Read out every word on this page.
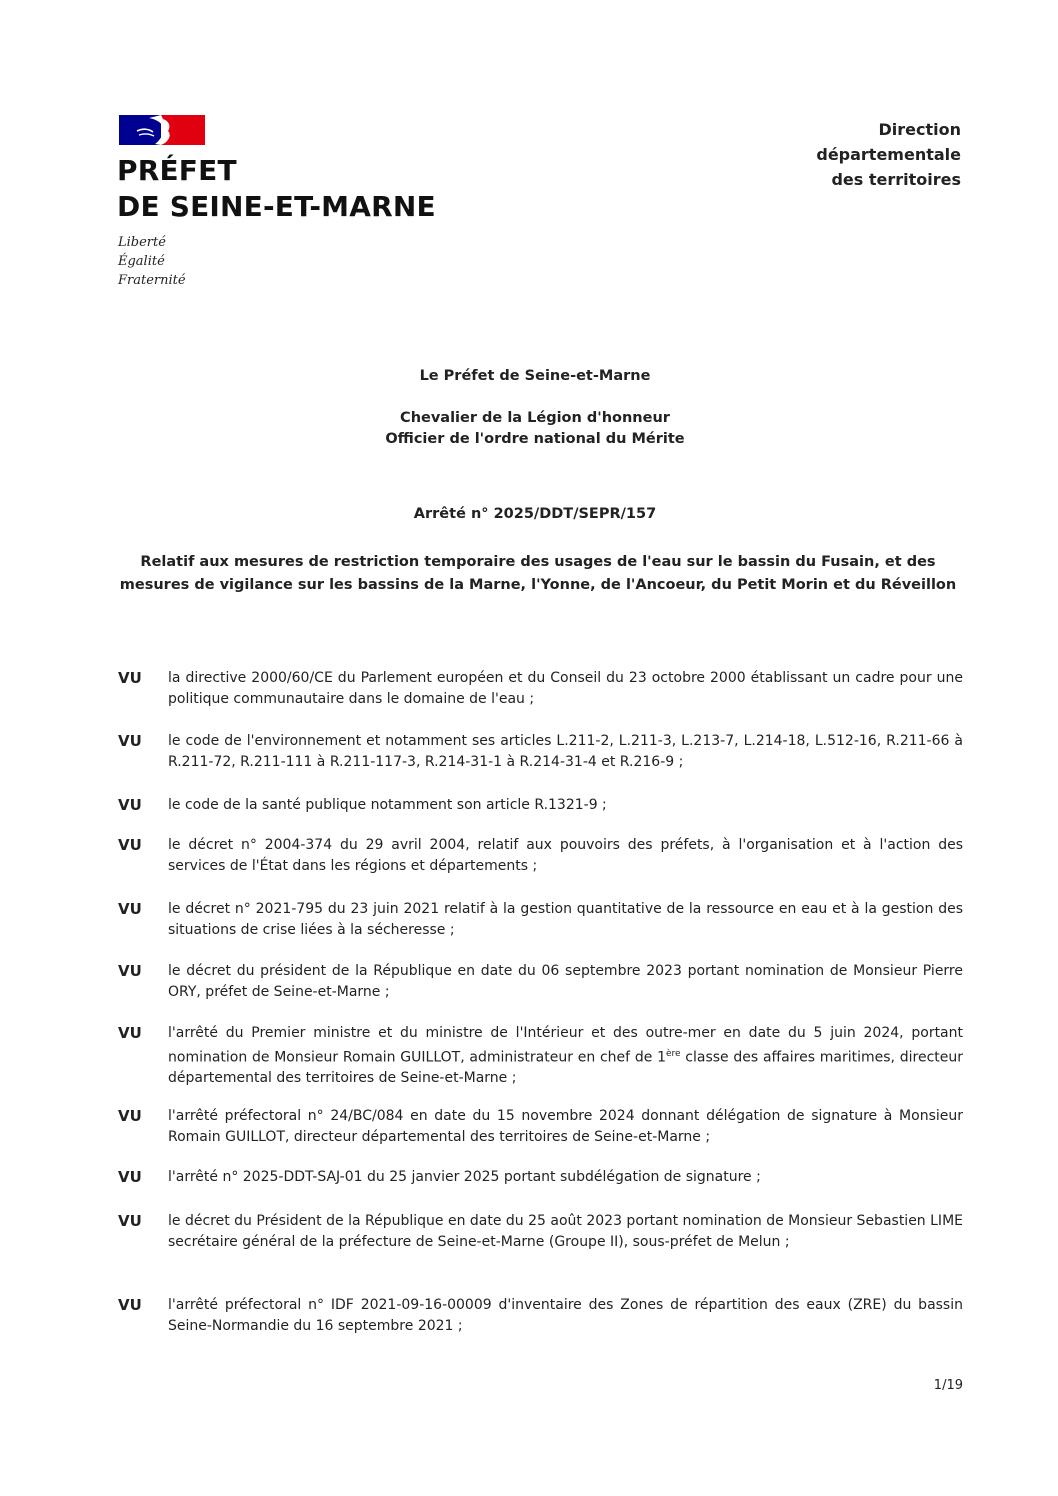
PRÉFET
DE SEINE-ET-MARNE
Liberté
Égalité
Fraternité
Direction
départementale
des territoires
Le Préfet de Seine-et-Marne
Chevalier de la Légion d'honneur
Officier de l'ordre national du Mérite
Arrêté n° 2025/DDT/SEPR/157
Relatif aux mesures de restriction temporaire des usages de l'eau sur le bassin du Fusain, et des mesures de vigilance sur les bassins de la Marne, l'Yonne, de l'Ancoeur, du Petit Morin et du Réveillon
VU la directive 2000/60/CE du Parlement européen et du Conseil du 23 octobre 2000 établissant un cadre pour une politique communautaire dans le domaine de l'eau ;
VU le code de l'environnement et notamment ses articles L.211-2, L.211-3, L.213-7, L.214-18, L.512-16, R.211-66 à R.211-72, R.211-111 à R.211-117-3, R.214-31-1 à R.214-31-4 et R.216-9 ;
VU le code de la santé publique notamment son article R.1321-9 ;
VU le décret n° 2004-374 du 29 avril 2004, relatif aux pouvoirs des préfets, à l'organisation et à l'action des services de l'État dans les régions et départements ;
VU le décret n° 2021-795 du 23 juin 2021 relatif à la gestion quantitative de la ressource en eau et à la gestion des situations de crise liées à la sécheresse ;
VU le décret du président de la République en date du 06 septembre 2023 portant nomination de Monsieur Pierre ORY, préfet de Seine-et-Marne ;
VU l'arrêté du Premier ministre et du ministre de l'Intérieur et des outre-mer en date du 5 juin 2024, portant nomination de Monsieur Romain GUILLOT, administrateur en chef de 1ère classe des affaires maritimes, directeur départemental des territoires de Seine-et-Marne ;
VU l'arrêté préfectoral n° 24/BC/084 en date du 15 novembre 2024 donnant délégation de signature à Monsieur Romain GUILLOT, directeur départemental des territoires de Seine-et-Marne ;
VU l'arrêté n° 2025-DDT-SAJ-01 du 25 janvier 2025 portant subdélégation de signature ;
VU le décret du Président de la République en date du 25 août 2023 portant nomination de Monsieur Sebastien LIME secrétaire général de la préfecture de Seine-et-Marne (Groupe II), sous-préfet de Melun ;
VU l'arrêté préfectoral n° IDF 2021-09-16-00009 d'inventaire des Zones de répartition des eaux (ZRE) du bassin Seine-Normandie du 16 septembre 2021 ;
1/19
